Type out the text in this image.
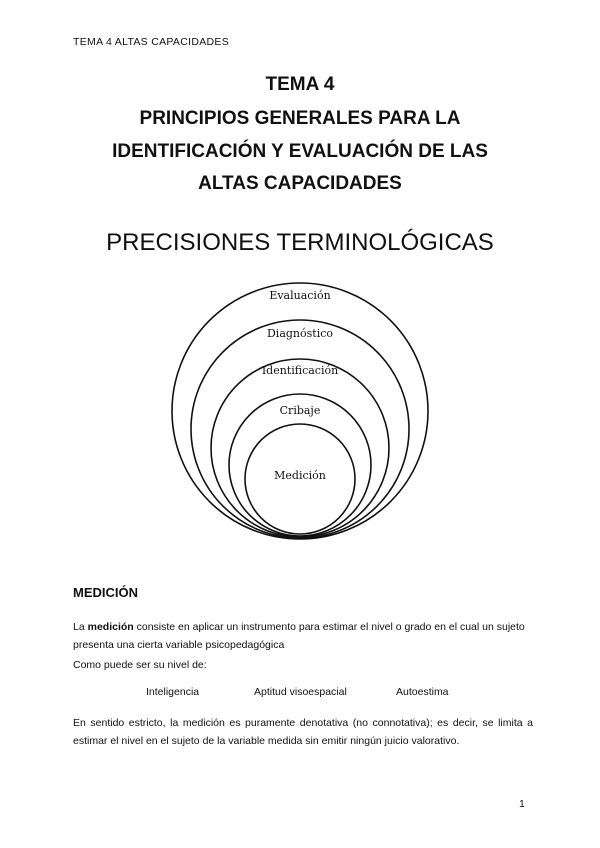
TEMA 4 ALTAS CAPACIDADES
TEMA 4
PRINCIPIOS GENERALES PARA LA
IDENTIFICACIÓN Y EVALUACIÓN DE LAS
ALTAS CAPACIDADES
PRECISIONES TERMINOLÓGICAS
Evaluación
Diagnóstico
Identificación
Cribaje
Medición
MEDICIÓN
La medición consiste en aplicar un instrumento para estimar el nivel o grado en el cual un sujeto presenta una cierta variable psicopedagógica
Como puede ser su nivel de:
Inteligencia	Aptitud visoespacial	Autoestima
En sentido estricto, la medición es puramente denotativa (no connotativa); es decir, se limita a estimar el nivel en el sujeto de la variable medida sin emitir ningún juicio valorativo.
1
